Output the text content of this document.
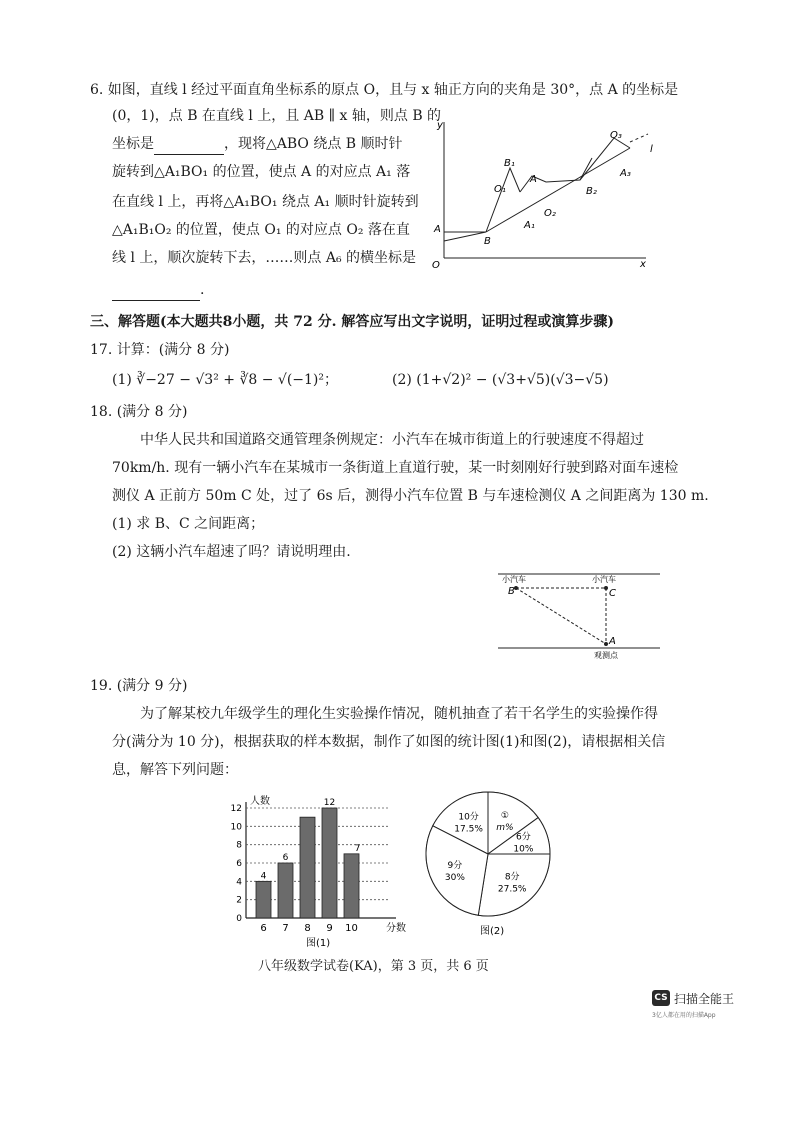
6. 如图，直线 l 经过平面直角坐标系的原点 O，且与 x 轴正方向的夹角是 30°，点 A 的坐标是
(0，1)，点 B 在直线 l 上，且 AB ∥ x 轴，则点 B 的
坐标是	，现将△ABO 绕点 B 顺时针
旋转到△A₁BO₁ 的位置，使点 A 的对应点 A₁ 落
在直线 l 上，再将△A₁BO₁ 绕点 A₁ 顺时针旋转到
△A₁B₁O₂ 的位置，使点 O₁ 的对应点 O₂ 落在直
线 l 上，顺次旋转下去，……则点 A₆ 的横坐标是
.
y
x
O
A
B
l
B₁
O₁
A
A₁
O₂
B₂
A₃
O₃
三、解答题(本大题共8小题，共 72 分. 解答应写出文字说明，证明过程或演算步骤)
17. 计算：(满分 8 分)
(1) ∛−27 − √3² + ∛8 − √(−1)²；	(2) (1+√2)² − (√3+√5)(√3−√5)
18. (满分 8 分)
中华人民共和国道路交通管理条例规定：小汽车在城市街道上的行驶速度不得超过
70km/h. 现有一辆小汽车在某城市一条街道上直道行驶，某一时刻刚好行驶到路对面车速检
测仪 A 正前方 50m C 处，过了 6s 后，测得小汽车位置 B 与车速检测仪 A 之间距离为 130 m.
(1) 求 B、C 之间距离；
(2) 这辆小汽车超速了吗？请说明理由.
小汽车	小汽车
B	C
A
观测点
19. (满分 9 分)
为了解某校九年级学生的理化生实验操作情况，随机抽查了若干名学生的实验操作得
分(满分为 10 分)，根据获取的样本数据，制作了如图的统计图(1)和图(2)，请根据相关信
息，解答下列问题：
0
2
4
6
8
10
12
人数
分数
6
4
7
6
8 9
12
10
7
图(1)
10分
17.5%
①
m%
6分
10%
8分
27.5%
9分
30%
图(2)
八年级数学试卷(KA)，第 3 页，共 6 页
CS 扫描全能王
3亿人都在用的扫描App
